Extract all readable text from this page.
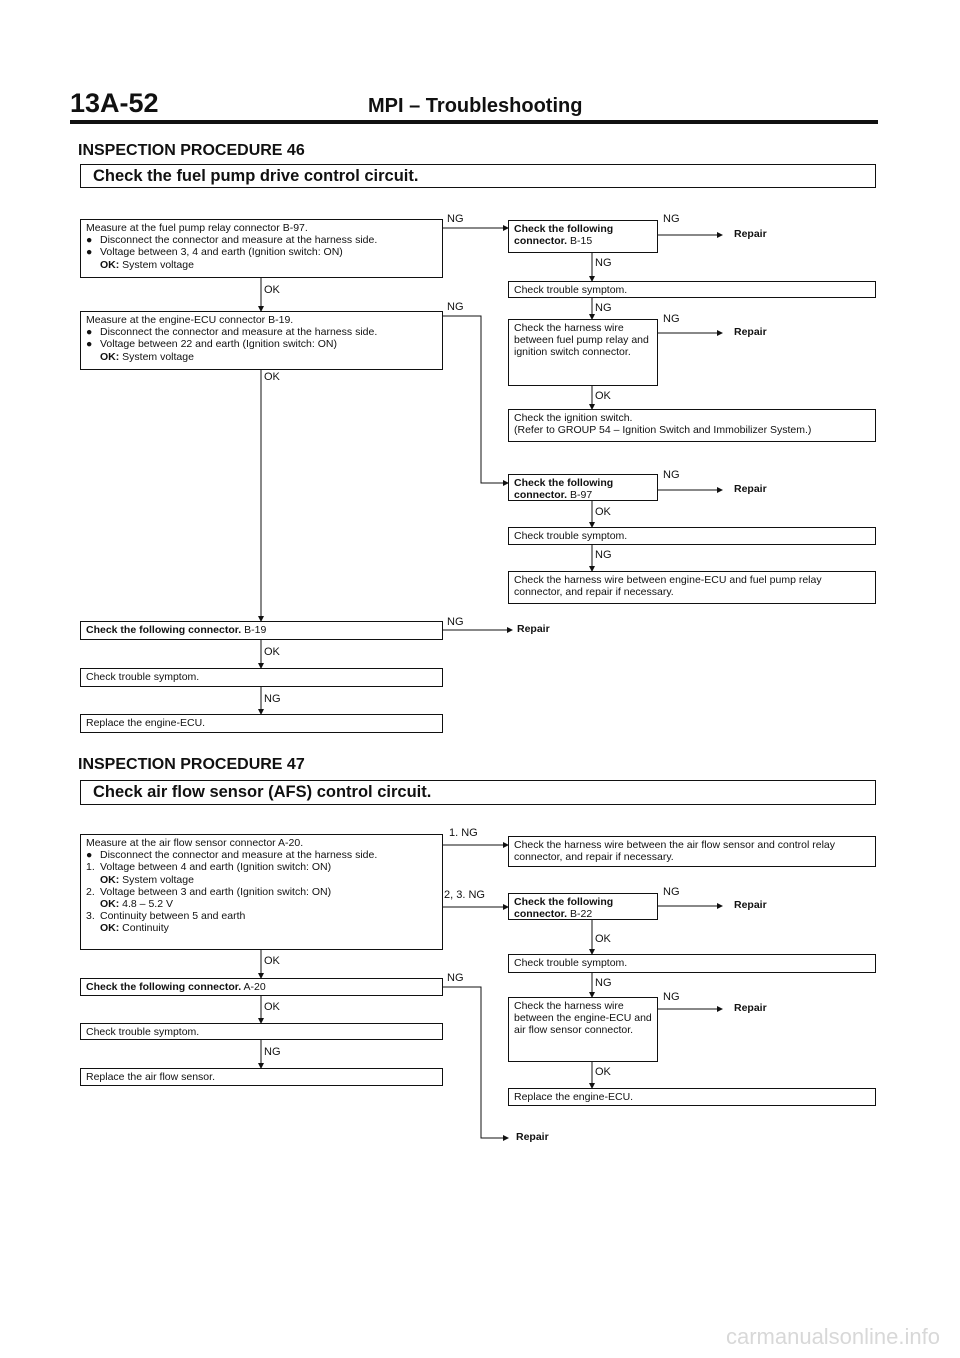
13A-52	MPI – Troubleshooting
INSPECTION PROCEDURE 46
Check the fuel pump drive control circuit.
Measure at the fuel pump relay connector B-97.
● Disconnect the connector and measure at the harness side.
● Voltage between 3, 4 and earth (Ignition switch: ON)
OK: System voltage
OK
NG
Measure at the engine-ECU connector B-19.
● Disconnect the connector and measure at the harness side.
● Voltage between 22 and earth (Ignition switch: ON)
OK: System voltage
OK
NG
Check the following connector. B-15
NG
Repair
NG
Check trouble symptom.
NG
Check the harness wire between fuel pump relay and ignition switch connector.
NG
Repair
OK
Check the ignition switch.
(Refer to GROUP 54 – Ignition Switch and Immobilizer System.)
Check the following connector. B-97
NG
Repair
OK
Check trouble symptom.
NG
Check the harness wire between engine-ECU and fuel pump relay connector, and repair if necessary.
Check the following connector. B-19
NG
Repair
OK
Check trouble symptom.
NG
Replace the engine-ECU.
INSPECTION PROCEDURE 47
Check air flow sensor (AFS) control circuit.
Measure at the air flow sensor connector A-20.
● Disconnect the connector and measure at the harness side.
1. Voltage between 4 and earth (Ignition switch: ON)
OK: System voltage
2. Voltage between 3 and earth (Ignition switch: ON)
OK: 4.8 – 5.2 V
3. Continuity between 5 and earth
OK: Continuity
1. NG
2, 3. NG
OK
Check the harness wire between the air flow sensor and control relay connector, and repair if necessary.
Check the following connector. B-22
NG
Repair
OK
Check trouble symptom.
NG
Check the harness wire between the engine-ECU and air flow sensor connector.
NG
Repair
OK
Replace the engine-ECU.
Check the following connector. A-20
NG
OK
Check trouble symptom.
NG
Replace the air flow sensor.
Repair
carmanualsonline.info
